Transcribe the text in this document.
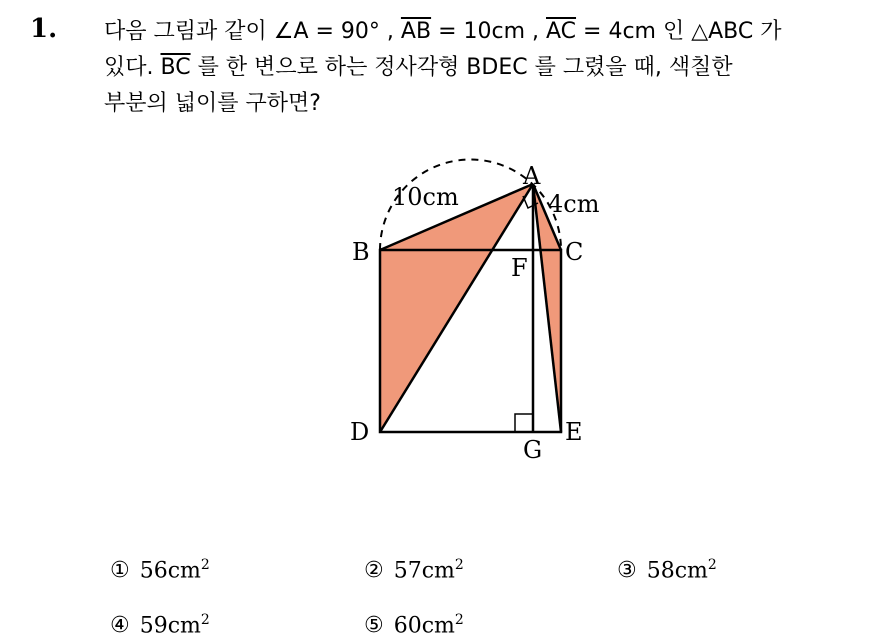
1. 다음 그림과 같이 ∠A = 90° , $\overline{AB} = 10cm$ , $\overline{AC} = 4cm$ 인 △ABC 가
있다. $\overline{BC}$ 를 한 변으로 하는 정사각형 BDEC 를 그렸을 때, 색칠한
부분의 넓이를 구하면?
A
B	C
F
D	E
G
10cm	4cm
① $56cm^2$	② $57cm^2$	③ $58cm^2$
④ $59cm^2$	⑤ $60cm^2$
